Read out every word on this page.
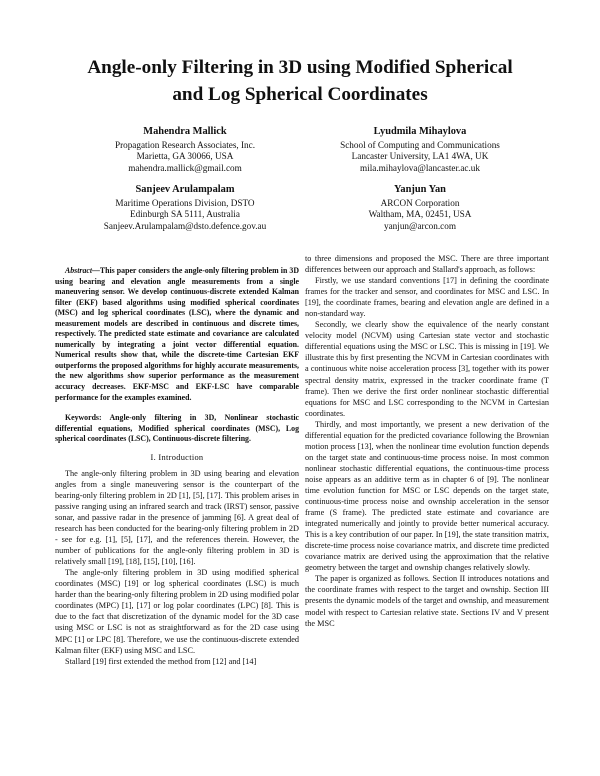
Angle-only Filtering in 3D using Modified Spherical
and Log Spherical Coordinates
Mahendra Mallick
Propagation Research Associates, Inc.
Marietta, GA 30066, USA
mahendra.mallick@gmail.com
Lyudmila Mihaylova
School of Computing and Communications
Lancaster University, LA1 4WA, UK
mila.mihaylova@lancaster.ac.uk
Sanjeev Arulampalam
Maritime Operations Division, DSTO
Edinburgh SA 5111, Australia
Sanjeev.Arulampalam@dsto.defence.gov.au
Yanjun Yan
ARCON Corporation
Waltham, MA, 02451, USA
yanjun@arcon.com

Abstract—This paper considers the angle-only filtering problem in 3D using bearing and elevation angle measurements from a single maneuvering sensor. We develop continuous-discrete extended Kalman filter (EKF) based algorithms using modified spherical coordinates (MSC) and log spherical coordinates (LSC), where the dynamic and measurement models are described in continuous and discrete times, respectively. The predicted state estimate and covariance are calculated numerically by integrating a joint vector differential equation. Numerical results show that, while the discrete-time Cartesian EKF outperforms the proposed algorithms for highly accurate measurements, the new algorithms show superior performance as the measurement accuracy decreases. EKF-MSC and EKF-LSC have comparable performance for the examples examined.

Keywords: Angle-only filtering in 3D, Nonlinear stochastic differential equations, Modified spherical coordinates (MSC), Log spherical coordinates (LSC), Continuous-discrete filtering.

I. Introduction

The angle-only filtering problem in 3D using bearing and elevation angles from a single maneuvering sensor is the counterpart of the bearing-only filtering problem in 2D [1], [5], [17]. This problem arises in passive ranging using an infrared search and track (IRST) sensor, passive sonar, and passive radar in the presence of jamming [6]. A great deal of research has been conducted for the bearing-only filtering problem in 2D - see for e.g. [1], [5], [17], and the references therein. However, the number of publications for the angle-only filtering problem in 3D is relatively small [19], [18], [15], [10], [16].

The angle-only filtering problem in 3D using modified spherical coordinates (MSC) [19] or log spherical coordinates (LSC) is much harder than the bearing-only filtering problem in 2D using modified polar coordinates (MPC) [1], [17] or log polar coordinates (LPC) [8]. This is due to the fact that discretization of the dynamic model for the 3D case using MSC or LSC is not as straightforward as for the 2D case using MPC [1] or LPC [8]. Therefore, we use the continuous-discrete extended Kalman filter (EKF) using MSC and LSC.

Stallard [19] first extended the method from [12] and [14]

to three dimensions and proposed the MSC. There are three important differences between our approach and Stallard's approach, as follows:

Firstly, we use standard conventions [17] in defining the coordinate frames for the tracker and sensor, and coordinates for MSC and LSC. In [19], the coordinate frames, bearing and elevation angle are defined in a non-standard way.

Secondly, we clearly show the equivalence of the nearly constant velocity model (NCVM) using Cartesian state vector and stochastic differential equations using the MSC or LSC. This is missing in [19]. We illustrate this by first presenting the NCVM in Cartesian coordinates with a continuous white noise acceleration process [3], together with its power spectral density matrix, expressed in the tracker coordinate frame (T frame). Then we derive the first order nonlinear stochastic differential equations for MSC and LSC corresponding to the NCVM in Cartesian coordinates.

Thirdly, and most importantly, we present a new derivation of the differential equation for the predicted covariance following the Brownian motion process [13], when the nonlinear time evolution function depends on the target state and continuous-time process noise. In most common nonlinear stochastic differential equations, the continuous-time process noise appears as an additive term as in chapter 6 of [9]. The nonlinear time evolution function for MSC or LSC depends on the target state, continuous-time process noise and ownship acceleration in the sensor frame (S frame). The predicted state estimate and covariance are integrated numerically and jointly to provide better numerical accuracy. This is a key contribution of our paper. In [19], the state transition matrix, discrete-time process noise covariance matrix, and discrete time predicted covariance matrix are derived using the approximation that the relative geometry between the target and ownship changes relatively slowly.

The paper is organized as follows. Section II introduces notations and the coordinate frames with respect to the target and ownship. Section III presents the dynamic models of the target and ownship, and measurement model with respect to Cartesian relative state. Sections IV and V present the MSC
